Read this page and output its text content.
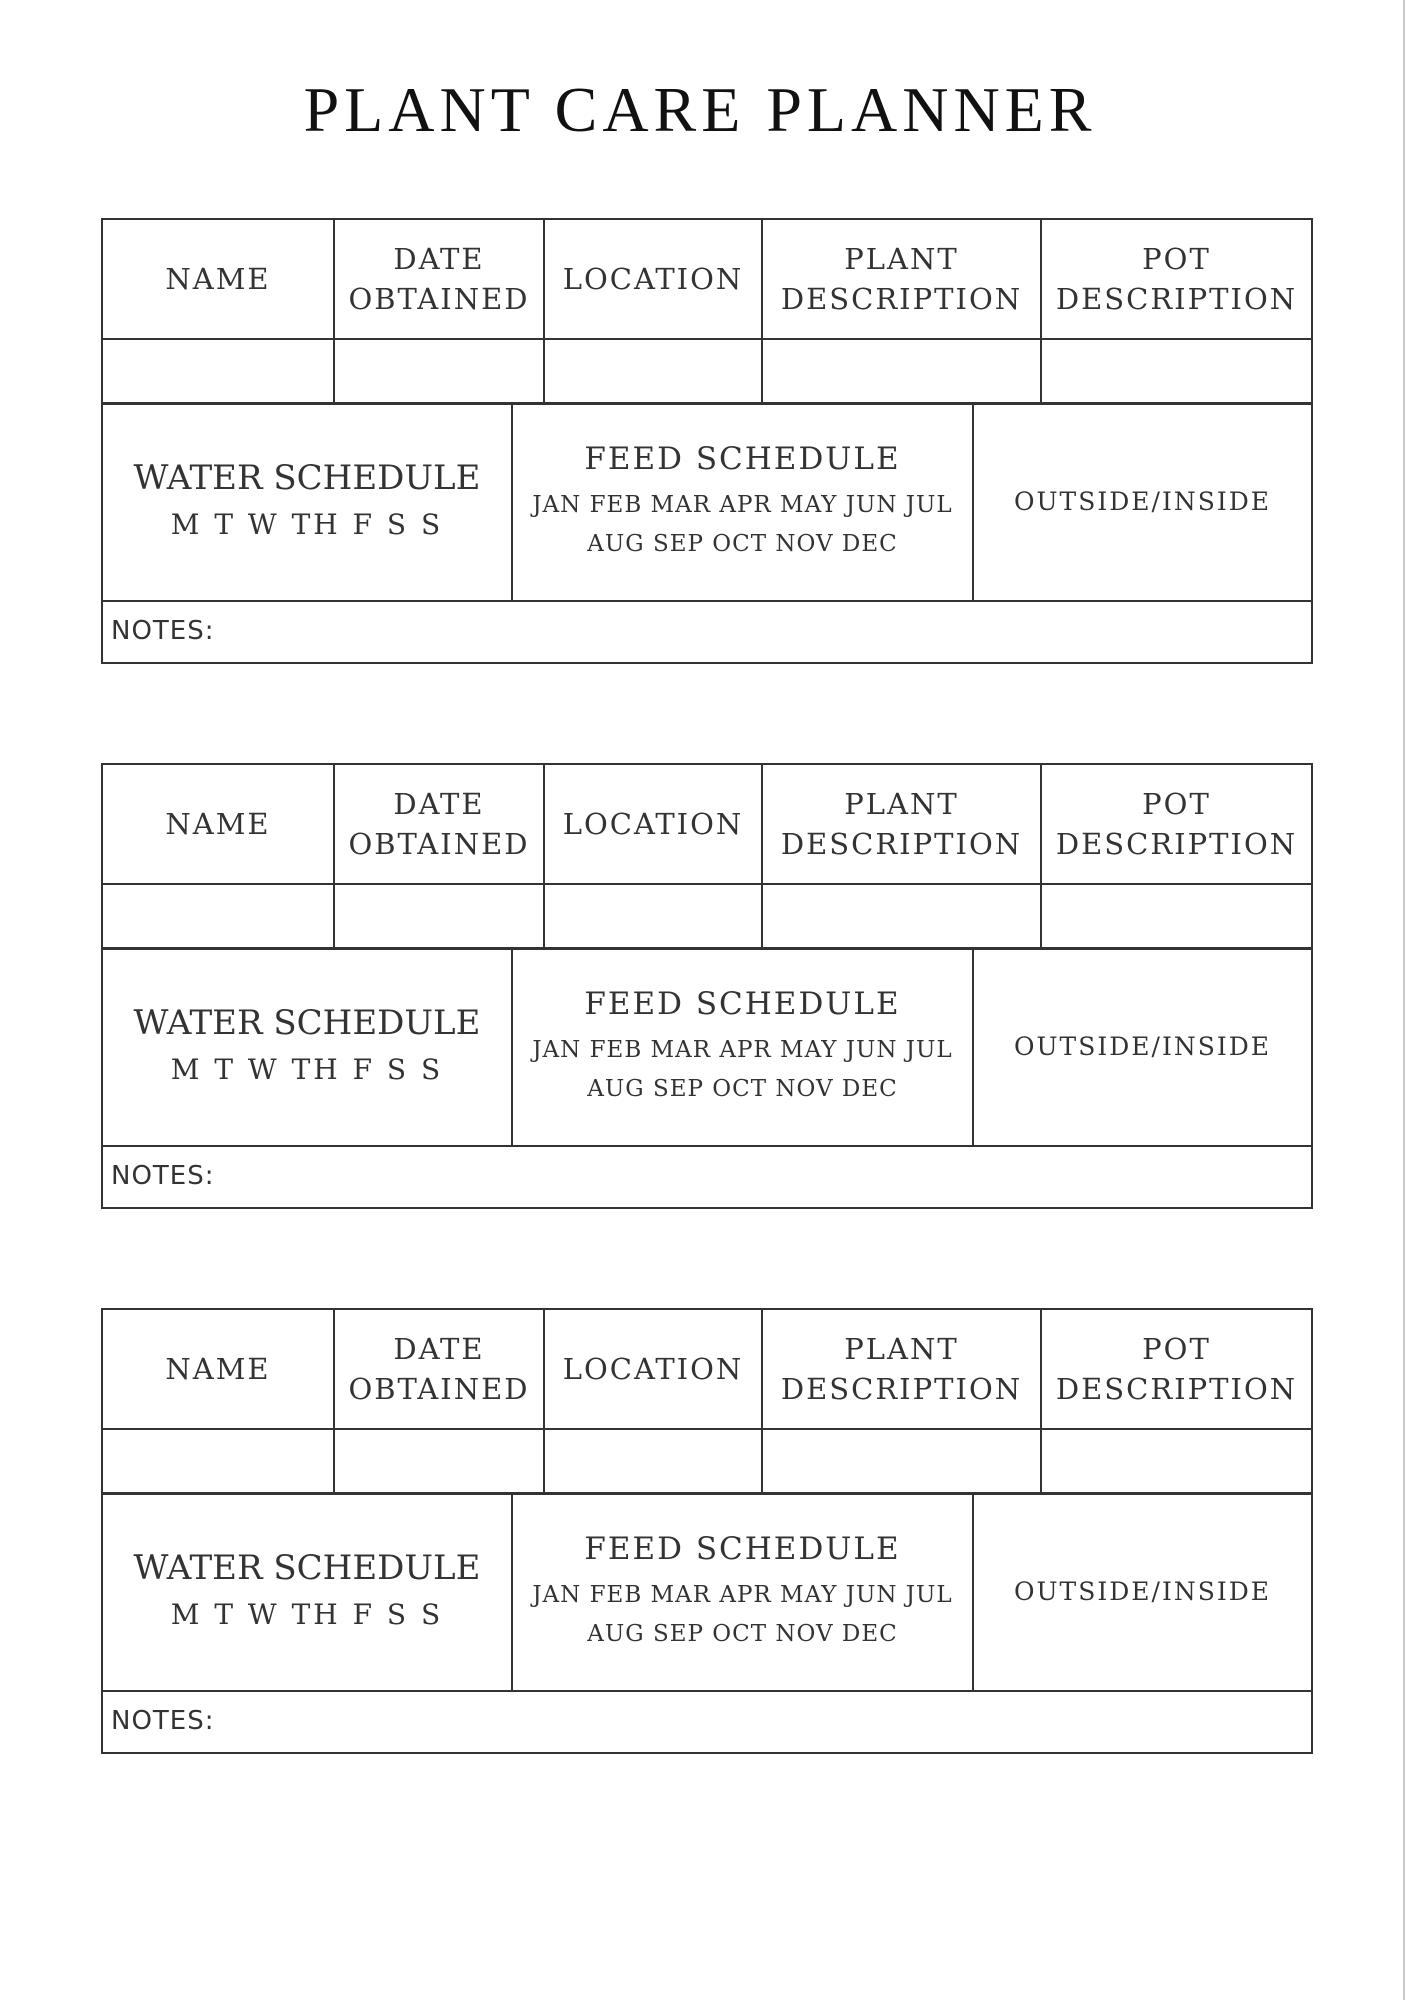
PLANT CARE PLANNER
NAME
DATE
OBTAINED
LOCATION
PLANT
DESCRIPTION
POT
DESCRIPTION
WATER SCHEDULE
M T W TH F S S
FEED SCHEDULE
JAN FEB MAR APR MAY JUN JUL
AUG SEP OCT NOV DEC
OUTSIDE/INSIDE
NOTES:
NAME
DATE
OBTAINED
LOCATION
PLANT
DESCRIPTION
POT
DESCRIPTION
WATER SCHEDULE
M T W TH F S S
FEED SCHEDULE
JAN FEB MAR APR MAY JUN JUL
AUG SEP OCT NOV DEC
OUTSIDE/INSIDE
NOTES:
NAME
DATE
OBTAINED
LOCATION
PLANT
DESCRIPTION
POT
DESCRIPTION
WATER SCHEDULE
M T W TH F S S
FEED SCHEDULE
JAN FEB MAR APR MAY JUN JUL
AUG SEP OCT NOV DEC
OUTSIDE/INSIDE
NOTES:
